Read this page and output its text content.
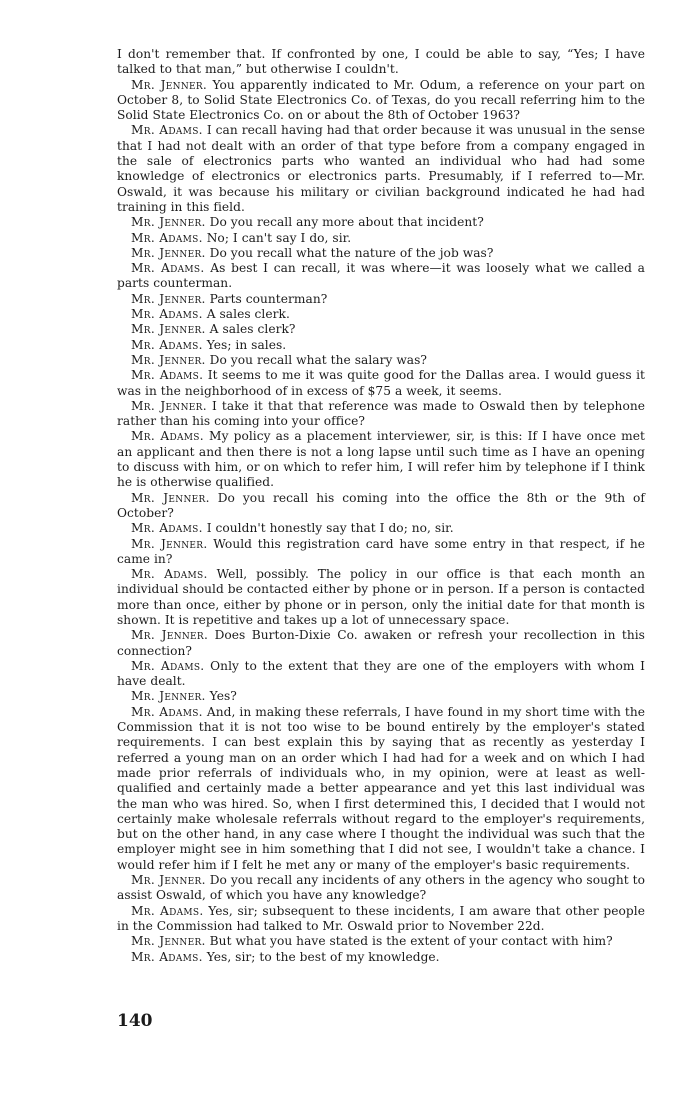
I don't remember that. If confronted by one, I could be able to say, “Yes; I have talked to that man,” but otherwise I couldn't.

Mr. Jenner. You apparently indicated to Mr. Odum, a reference on your part on October 8, to Solid State Electronics Co. of Texas, do you recall referring him to the Solid State Electronics Co. on or about the 8th of October 1963?

Mr. Adams. I can recall having had that order because it was unusual in the sense that I had not dealt with an order of that type before from a company engaged in the sale of electronics parts who wanted an individual who had had some knowledge of electronics or electronics parts. Presumably, if I referred to—Mr. Oswald, it was because his military or civilian background indicated he had had training in this field.

Mr. Jenner. Do you recall any more about that incident?

Mr. Adams. No; I can't say I do, sir.

Mr. Jenner. Do you recall what the nature of the job was?

Mr. Adams. As best I can recall, it was where—it was loosely what we called a parts counterman.

Mr. Jenner. Parts counterman?

Mr. Adams. A sales clerk.

Mr. Jenner. A sales clerk?

Mr. Adams. Yes; in sales.

Mr. Jenner. Do you recall what the salary was?

Mr. Adams. It seems to me it was quite good for the Dallas area. I would guess it was in the neighborhood of in excess of $75 a week, it seems.

Mr. Jenner. I take it that that reference was made to Oswald then by telephone rather than his coming into your office?

Mr. Adams. My policy as a placement interviewer, sir, is this: If I have once met an applicant and then there is not a long lapse until such time as I have an opening to discuss with him, or on which to refer him, I will refer him by telephone if I think he is otherwise qualified.

Mr. Jenner. Do you recall his coming into the office the 8th or the 9th of October?

Mr. Adams. I couldn't honestly say that I do; no, sir.

Mr. Jenner. Would this registration card have some entry in that respect, if he came in?

Mr. Adams. Well, possibly. The policy in our office is that each month an individual should be contacted either by phone or in person. If a person is contacted more than once, either by phone or in person, only the initial date for that month is shown. It is repetitive and takes up a lot of unnecessary space.

Mr. Jenner. Does Burton-Dixie Co. awaken or refresh your recollection in this connection?

Mr. Adams. Only to the extent that they are one of the employers with whom I have dealt.

Mr. Jenner. Yes?

Mr. Adams. And, in making these referrals, I have found in my short time with the Commission that it is not too wise to be bound entirely by the employer's stated requirements. I can best explain this by saying that as recently as yesterday I referred a young man on an order which I had had for a week and on which I had made prior referrals of individuals who, in my opinion, were at least as well-qualified and certainly made a better appearance and yet this last individual was the man who was hired. So, when I first determined this, I decided that I would not certainly make wholesale referrals without regard to the employer's requirements, but on the other hand, in any case where I thought the individual was such that the employer might see in him something that I did not see, I wouldn't take a chance. I would refer him if I felt he met any or many of the employer's basic requirements.

Mr. Jenner. Do you recall any incidents of any others in the agency who sought to assist Oswald, of which you have any knowledge?

Mr. Adams. Yes, sir; subsequent to these incidents, I am aware that other people in the Commission had talked to Mr. Oswald prior to November 22d.

Mr. Jenner. But what you have stated is the extent of your contact with him?

Mr. Adams. Yes, sir; to the best of my knowledge.

140
